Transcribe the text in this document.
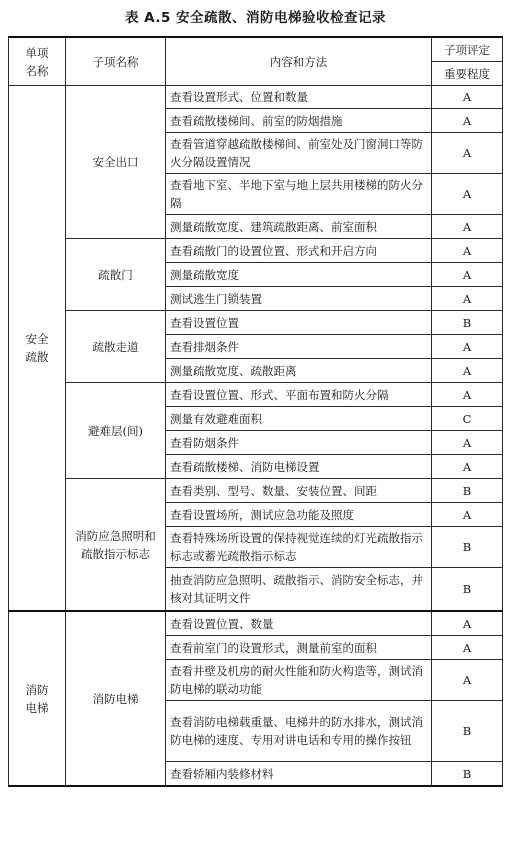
表 A.5 安全疏散、消防电梯验收检查记录
单项
名称	子项名称	内容和方法	子项评定
			重要程度
安全
疏散	安全出口	查看设置形式、位置和数量	A
		查看疏散楼梯间、前室的防烟措施	A
		查看管道穿越疏散楼梯间、前室处及门窗洞口等防火分隔设置情况	A
		查看地下室、半地下室与地上层共用楼梯的防火分隔	A
		测量疏散宽度、建筑疏散距离、前室面积	A
	疏散门	查看疏散门的设置位置、形式和开启方向	A
		测量疏散宽度	A
		测试逃生门锁装置	A
	疏散走道	查看设置位置	B
		查看排烟条件	A
		测量疏散宽度、疏散距离	A
	避难层(间)	查看设置位置、形式、平面布置和防火分隔	A
		测量有效避难面积	C
		查看防烟条件	A
		查看疏散楼梯、消防电梯设置	A
	消防应急照明和疏散指示标志	查看类别、型号、数量、安装位置、间距	B
		查看设置场所，测试应急功能及照度	A
		查看特殊场所设置的保持视觉连续的灯光疏散指示标志或蓄光疏散指示标志	B
		抽查消防应急照明、疏散指示、消防安全标志，并核对其证明文件	B
消防
电梯	消防电梯	查看设置位置、数量	A
		查看前室门的设置形式，测量前室的面积	A
		查看井壁及机房的耐火性能和防火构造等，测试消防电梯的联动功能	A
		查看消防电梯载重量、电梯井的防水排水，测试消防电梯的速度、专用对讲电话和专用的操作按钮	B
		查看轿厢内装修材料	B
